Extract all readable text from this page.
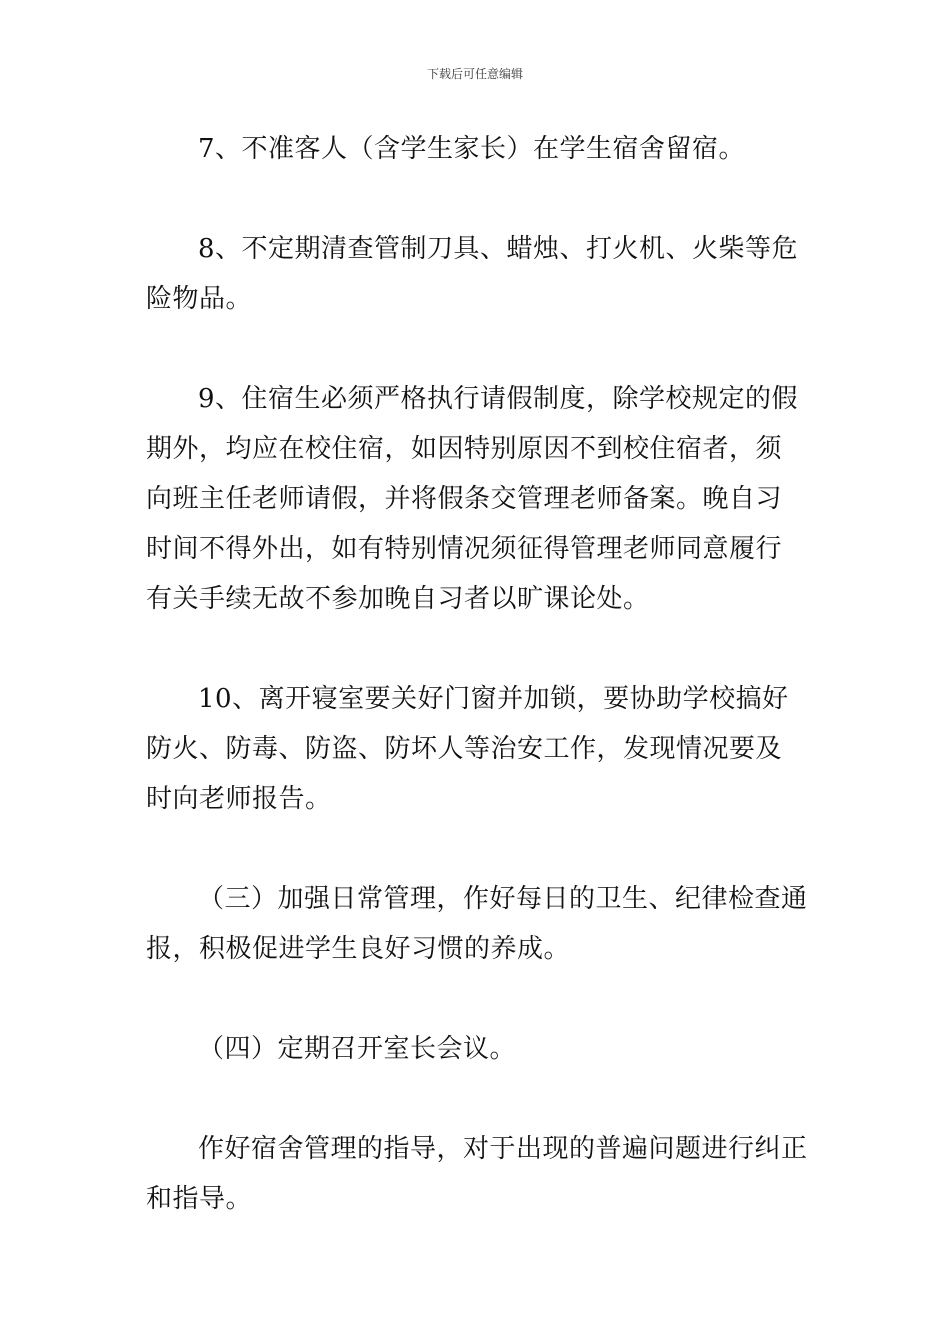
下载后可任意编辑

7、不准客人（含学生家长）在学生宿舍留宿。

8、不定期清查管制刀具、蜡烛、打火机、火柴等危险物品。

9、住宿生必须严格执行请假制度，除学校规定的假期外，均应在校住宿，如因特别原因不到校住宿者，须向班主任老师请假，并将假条交管理老师备案。晚自习时间不得外出，如有特别情况须征得管理老师同意履行有关手续无故不参加晚自习者以旷课论处。

10、离开寝室要关好门窗并加锁，要协助学校搞好防火、防毒、防盗、防坏人等治安工作，发现情况要及时向老师报告。

（三）加强日常管理，作好每日的卫生、纪律检查通报，积极促进学生良好习惯的养成。

（四）定期召开室长会议。

作好宿舍管理的指导，对于出现的普遍问题进行纠正和指导。
